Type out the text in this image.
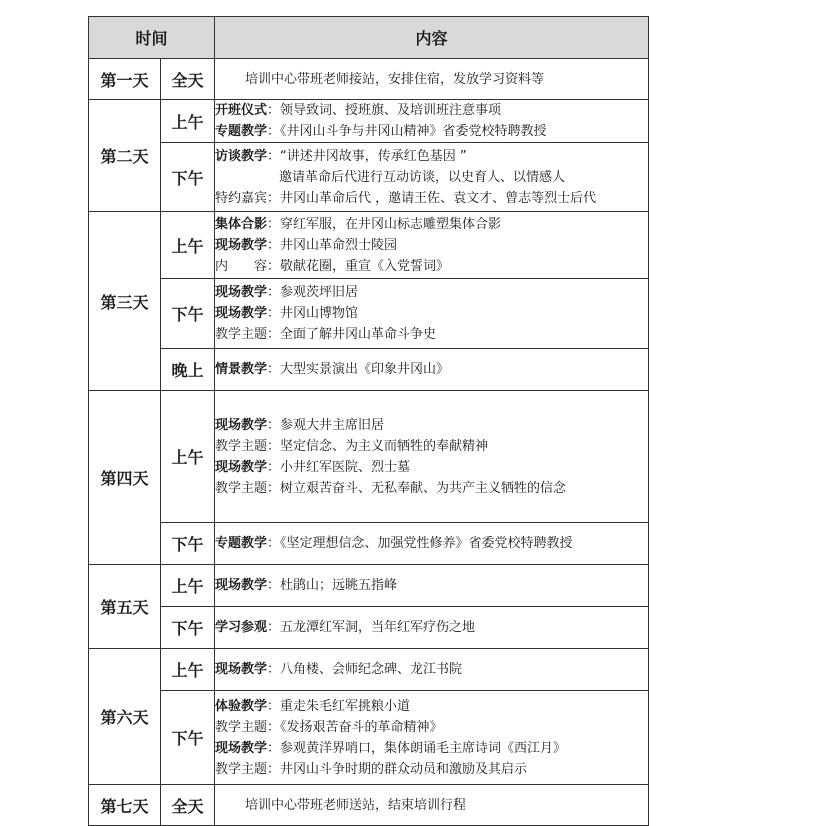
时间		内容
第一天	全天	培训中心带班老师接站，安排住宿，发放学习资料等

第二天	上午	开班仪式：领导致词、授班旗、及培训班注意事项
专题教学：《井冈山斗争与井冈山精神》省委党校特聘教授

	下午	访谈教学：“讲述井冈故事，传承红色基因 ”
邀请革命后代进行互动访谈，以史育人、以情感人
特约嘉宾：井冈山革命后代 ，邀请王佐、袁文才、曾志等烈士后代

第三天	上午	集体合影：穿红军服，在井冈山标志雕塑集体合影
现场教学：井冈山革命烈士陵园
内　　容：敬献花圈，重宣《入党誓词》

	下午	现场教学：参观茨坪旧居
现场教学：井冈山博物馆
教学主题：全面了解井冈山革命斗争史

	晚上	情景教学：大型实景演出《印象井冈山》

第四天	上午	现场教学：参观大井主席旧居
教学主题：坚定信念、为主义而牺牲的奉献精神
现场教学：小井红军医院、烈士墓
教学主题：树立艰苦奋斗、无私奉献、为共产主义牺牲的信念

	下午	专题教学：《坚定理想信念、加强党性修养》省委党校特聘教授

第五天	上午	现场教学：杜鹃山；远眺五指峰

	下午	学习参观：五龙潭红军洞，当年红军疗伤之地

第六天	上午	现场教学：八角楼、会师纪念碑、龙江书院

	下午	体验教学：重走朱毛红军挑粮小道
教学主题：《发扬艰苦奋斗的革命精神》
现场教学：参观黄洋界哨口，集体朗诵毛主席诗词《西江月》
教学主题：井冈山斗争时期的群众动员和激励及其启示

第七天	全天	培训中心带班老师送站，结束培训行程
